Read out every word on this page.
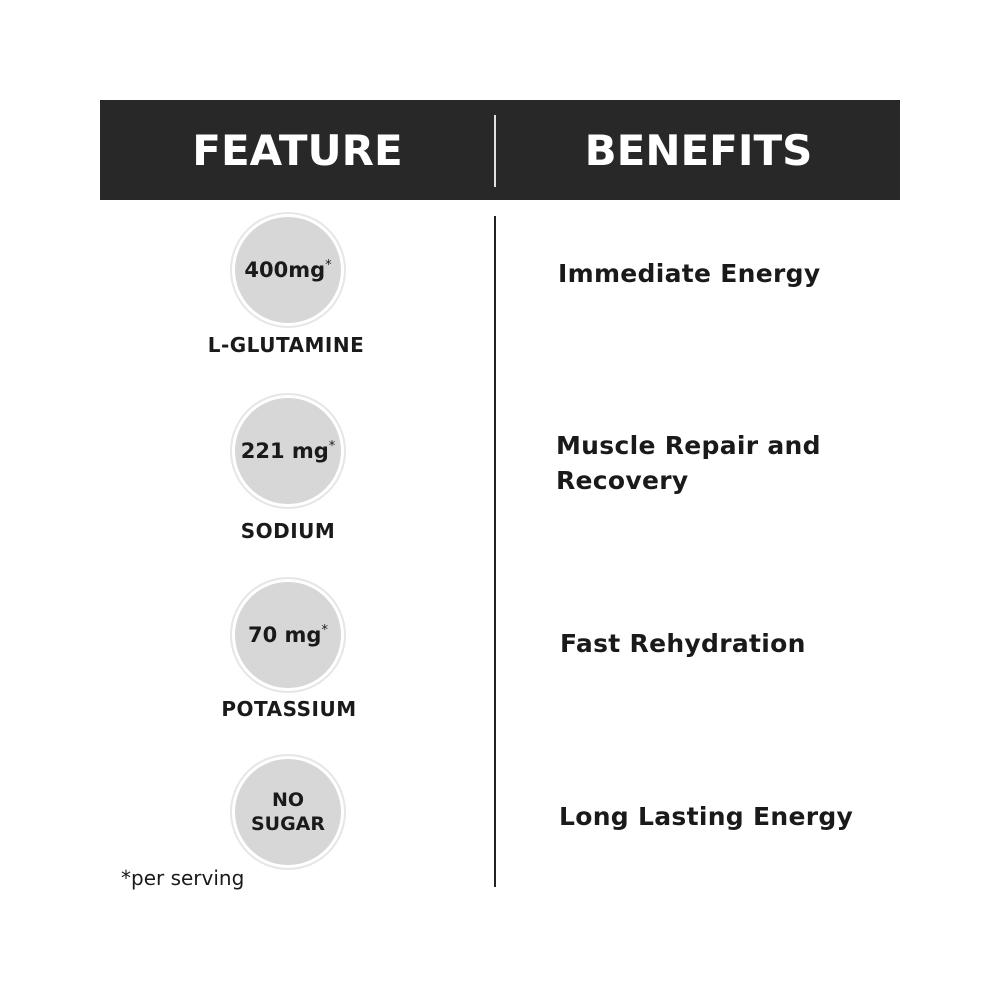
FEATURE	BENEFITS
400mg*
L-GLUTAMINE
Immediate Energy
221 mg*
SODIUM
Muscle Repair and Recovery
70 mg*
POTASSIUM
Fast Rehydration
NO
SUGAR	Long Lasting Energy
*per serving
